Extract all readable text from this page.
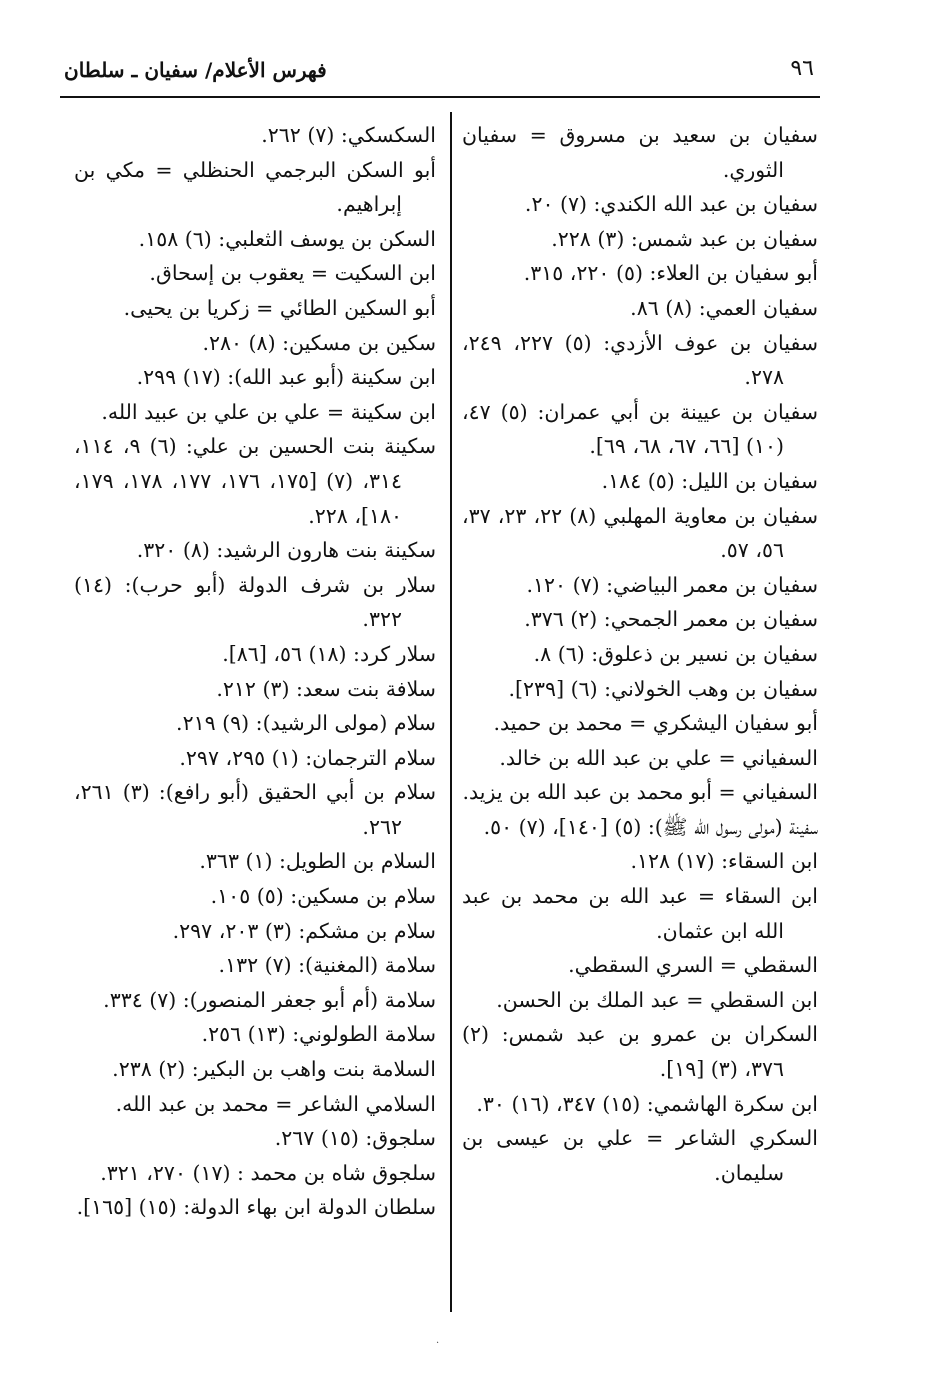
٩٦
فهرس الأعلام/ سفيان ـ سلطان

سفيان بن سعيد بن مسروق = سفيان الثوري.

سفيان بن عبد الله الكندي: (٧) ٢٠.

سفيان بن عبد شمس: (٣) ٢٢٨.

أبو سفيان بن العلاء: (٥) ٢٢٠، ٣١٥.

سفيان العمي: (٨) ٨٦.

سفيان بن عوف الأزدي: (٥) ٢٢٧، ٢٤٩، ٢٧٨.

سفيان بن عيينة بن أبي عمران: (٥) ٤٧، (١٠) [٦٦، ٦٧، ٦٨، ٦٩].

سفيان بن الليل: (٥) ١٨٤.

سفيان بن معاوية المهلبي (٨) ٢٢، ٢٣، ٣٧، ٥٦، ٥٧.

سفيان بن معمر البياضي: (٧) ١٢٠.

سفيان بن معمر الجمحي: (٢) ٣٧٦.

سفيان بن نسير بن ذعلوق: (٦) ٨.

سفيان بن وهب الخولاني: (٦) [٢٣٩].

أبو سفيان اليشكري = محمد بن حميد.

السفياني = علي بن عبد الله بن خالد.

السفياني = أبو محمد بن عبد الله بن يزيد.

سفينة (مولى رسول الله ﷺ): (٥) [١٤٠]، (٧) ٥٠.

ابن السقاء: (١٧) ١٢٨.

ابن السقاء = عبد الله بن محمد بن عبد الله ابن عثمان.

السقطي = السري السقطي.

ابن السقطي = عبد الملك بن الحسن.

السكران بن عمرو بن عبد شمس: (٢) ٣٧٦، (٣) [١٩].

ابن سكرة الهاشمي: (١٥) ٣٤٧، (١٦) ٣٠.

السكري الشاعر = علي بن عيسى بن سليمان.

السكسكي: (٧) ٢٦٢.

أبو السكن البرجمي الحنظلي = مكي بن إبراهيم.

السكن بن يوسف الثعلبي: (٦) ١٥٨.

ابن السكيت = يعقوب بن إسحاق.

أبو السكين الطائي = زكريا بن يحيى.

سكين بن مسكين: (٨) ٢٨٠.

ابن سكينة (أبو عبد الله): (١٧) ٢٩٩.

ابن سكينة = علي بن علي بن عبيد الله.

سكينة بنت الحسين بن علي: (٦) ٩، ١١٤، ٣١٤، (٧) [١٧٥، ١٧٦، ١٧٧، ١٧٨، ١٧٩، ١٨٠]، ٢٢٨.

سكينة بنت هارون الرشيد: (٨) ٣٢٠.

سلار بن شرف الدولة (أبو حرب): (١٤) ٣٢٢.

سلار كرد: (١٨) ٥٦، [٨٦].

سلافة بنت سعد: (٣) ٢١٢.

سلام (مولى الرشيد): (٩) ٢١٩.

سلام الترجمان: (١) ٢٩٥، ٢٩٧.

سلام بن أبي الحقيق (أبو رافع): (٣) ٢٦١، ٢٦٢.

السلام بن الطويل: (١) ٣٦٣.

سلام بن مسكين: (٥) ١٠٥.

سلام بن مشكم: (٣) ٢٠٣، ٢٩٧.

سلامة (المغنية): (٧) ١٣٢.

سلامة (أم أبو جعفر المنصور): (٧) ٣٣٤.

سلامة الطولوني: (١٣) ٢٥٦.

السلامة بنت واهب بن البكير: (٢) ٢٣٨.

السلامي الشاعر = محمد بن عبد الله.

سلجوق: (١٥) ٢٦٧.

سلجوق شاه بن محمد : (١٧) ٢٧٠، ٣٢١.

سلطان الدولة ابن بهاء الدولة: (١٥) [١٦٥].

·
